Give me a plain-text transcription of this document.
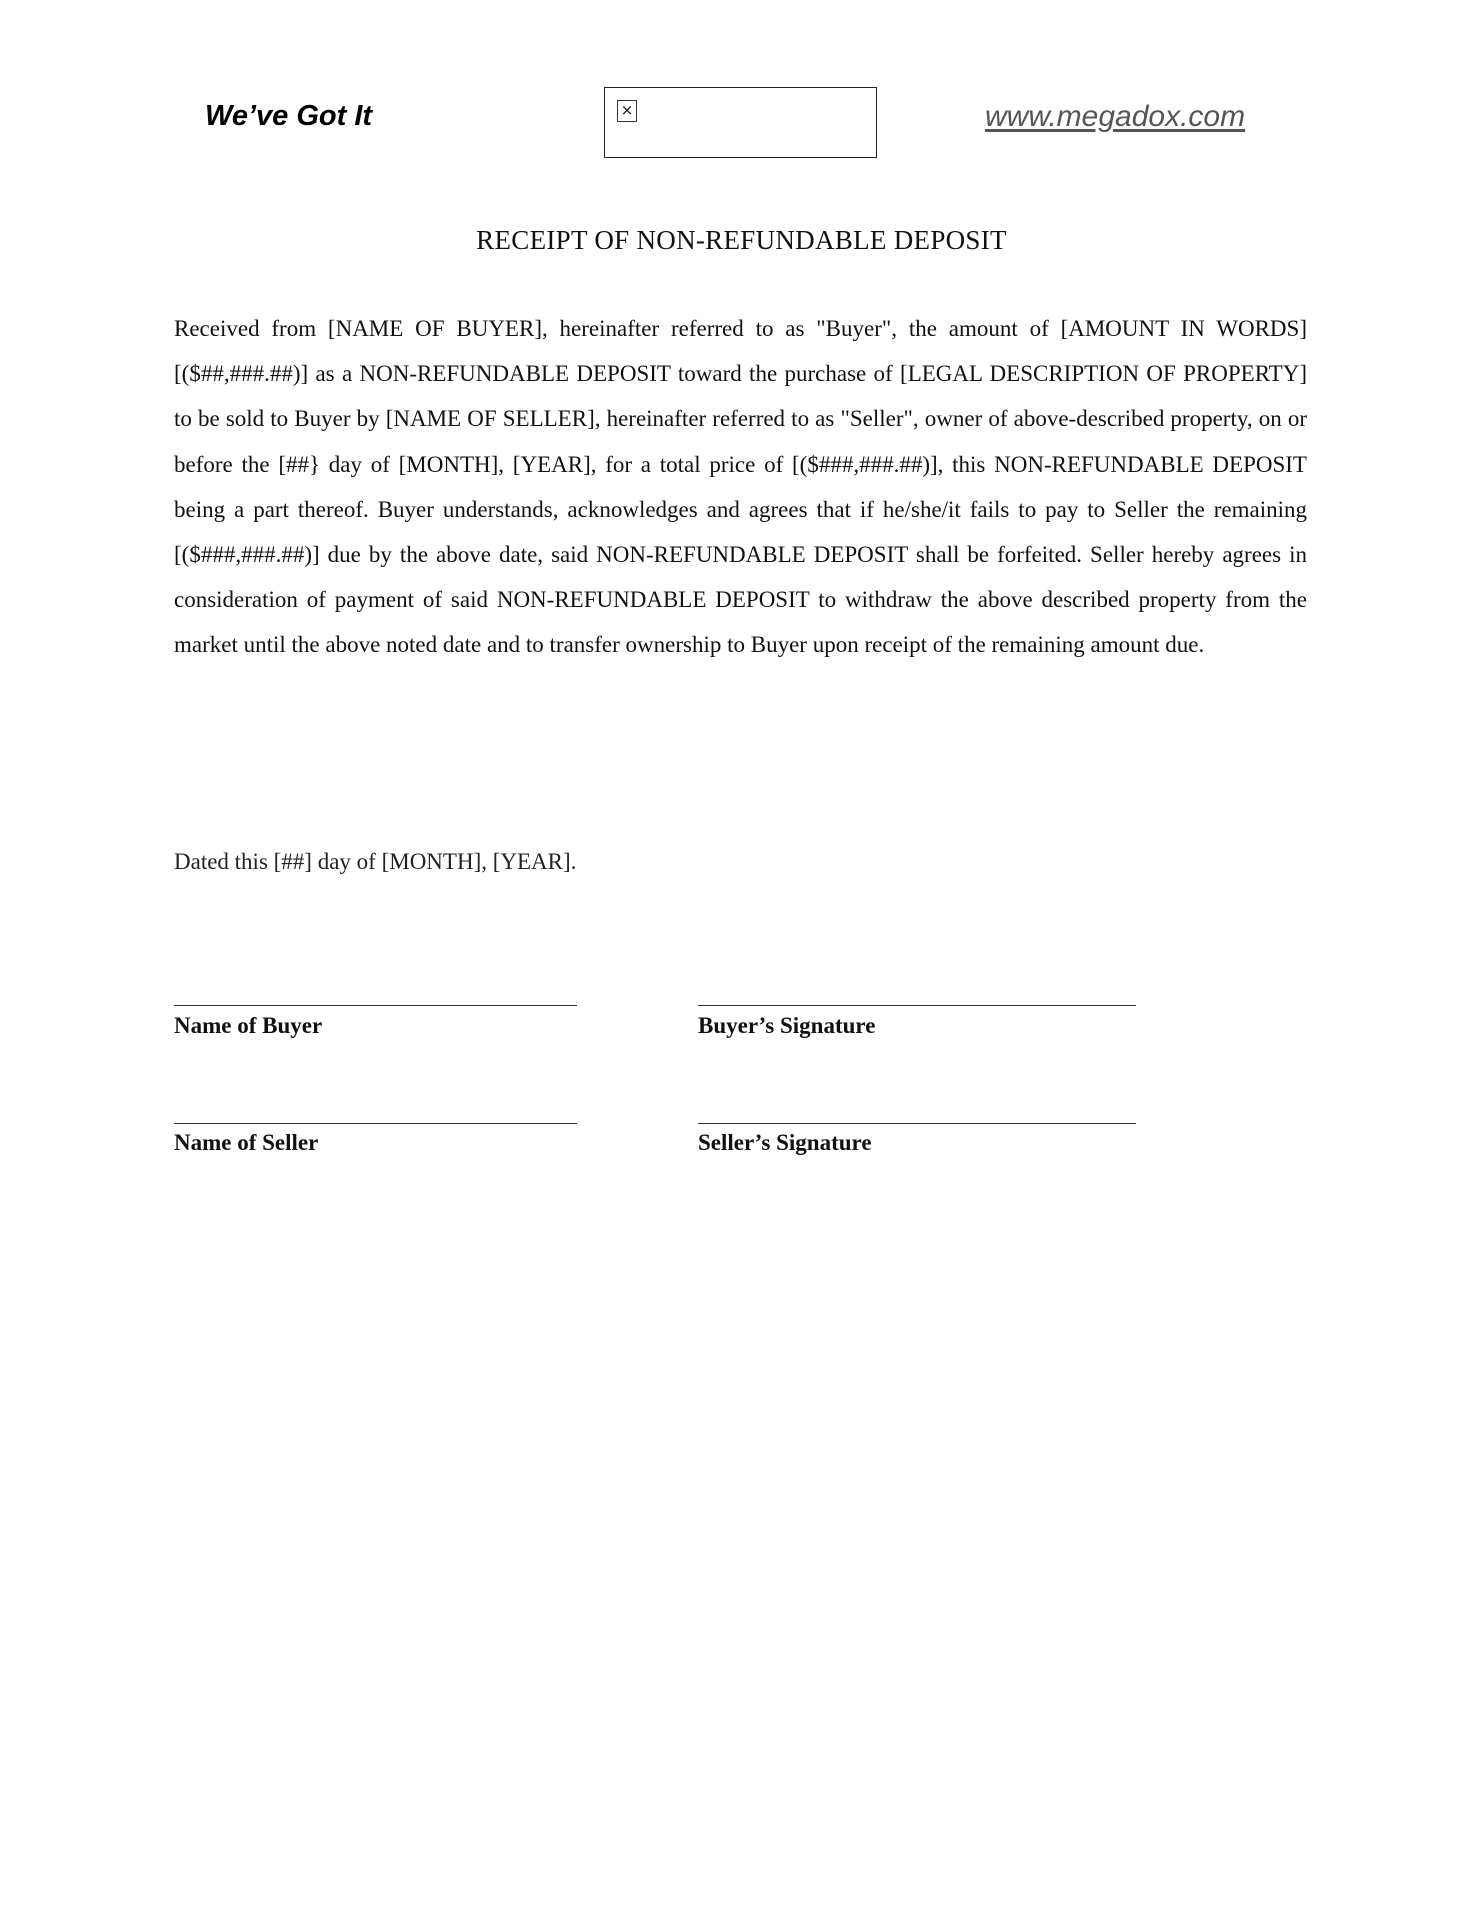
We’ve Got It	×	www.megadox.com
RECEIPT OF NON-REFUNDABLE DEPOSIT

Received from [NAME OF BUYER], hereinafter referred to as "Buyer", the amount of [AMOUNT IN WORDS] [($##,###.##)] as a NON-REFUNDABLE DEPOSIT toward the purchase of [LEGAL DESCRIPTION OF PROPERTY] to be sold to Buyer by [NAME OF SELLER], hereinafter referred to as "Seller", owner of above-described property, on or before the [##} day of [MONTH], [YEAR], for a total price of [($###,###.##)], this NON-REFUNDABLE DEPOSIT being a part thereof. Buyer understands, acknowledges and agrees that if he/she/it fails to pay to Seller the remaining [($###,###.##)] due by the above date, said NON-REFUNDABLE DEPOSIT shall be forfeited. Seller hereby agrees in consideration of payment of said NON-REFUNDABLE DEPOSIT to withdraw the above described property from the market until the above noted date and to transfer ownership to Buyer upon receipt of the remaining amount due.

Dated this [##] day of [MONTH], [YEAR].
Name of Buyer	Buyer’s Signature
Name of Seller	Seller’s Signature
